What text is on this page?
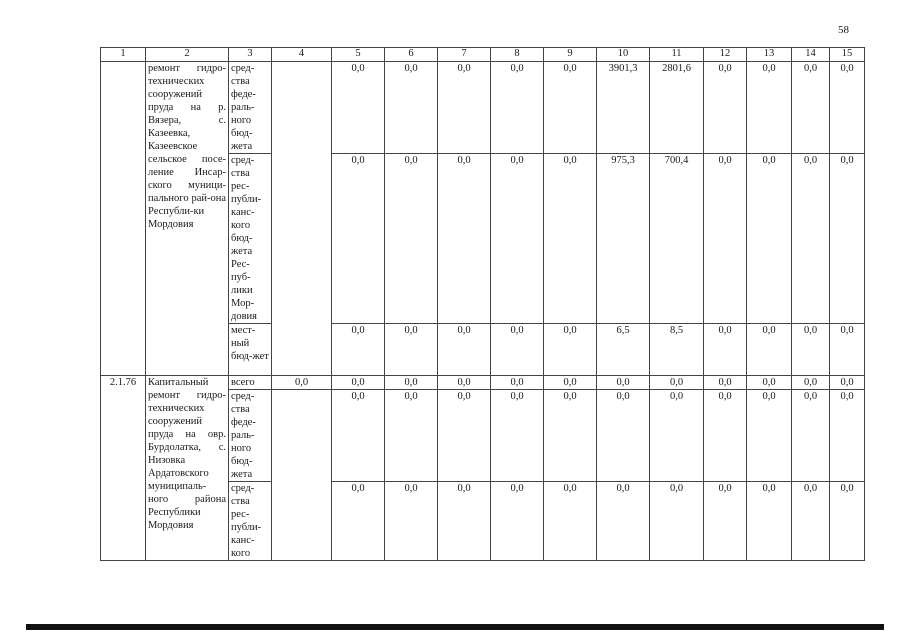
58
1	2	3	4	5	6	7	8	9	10	11	12	13	14	15
	ремонт гидро-технических сооружений пруда на р. Вязера, с. Казеевка, Казеевское сельское посе-ление Инсар-ского муници-пального рай-она Республи-ки Мордовия	сред-ства феде-раль-ного бюд-жета		0,0	0,0	0,0	0,0	0,0	3901,3	2801,6	0,0	0,0	0,0	0,0
		сред-ства рес-публи-канс-кого бюд-жета Рес-пуб-лики Мор-довия		0,0	0,0	0,0	0,0	0,0	975,3	700,4	0,0	0,0	0,0	0,0
		мест-ный бюд-жет		0,0	0,0	0,0	0,0	0,0	6,5	8,5	0,0	0,0	0,0	0,0
2.1.76	Капитальный ремонт гидро-технических сооружений пруда на овр. Бурдолатка, с. Низовка Ардатовского муниципаль-ного района Республики Мордовия	всего	0,0	0,0	0,0	0,0	0,0	0,0	0,0	0,0	0,0	0,0	0,0	0,0
		сред-ства феде-раль-ного бюд-жета		0,0	0,0	0,0	0,0	0,0	0,0	0,0	0,0	0,0	0,0	0,0
		сред-ства рес-публи-канс-кого		0,0	0,0	0,0	0,0	0,0	0,0	0,0	0,0	0,0	0,0	0,0
